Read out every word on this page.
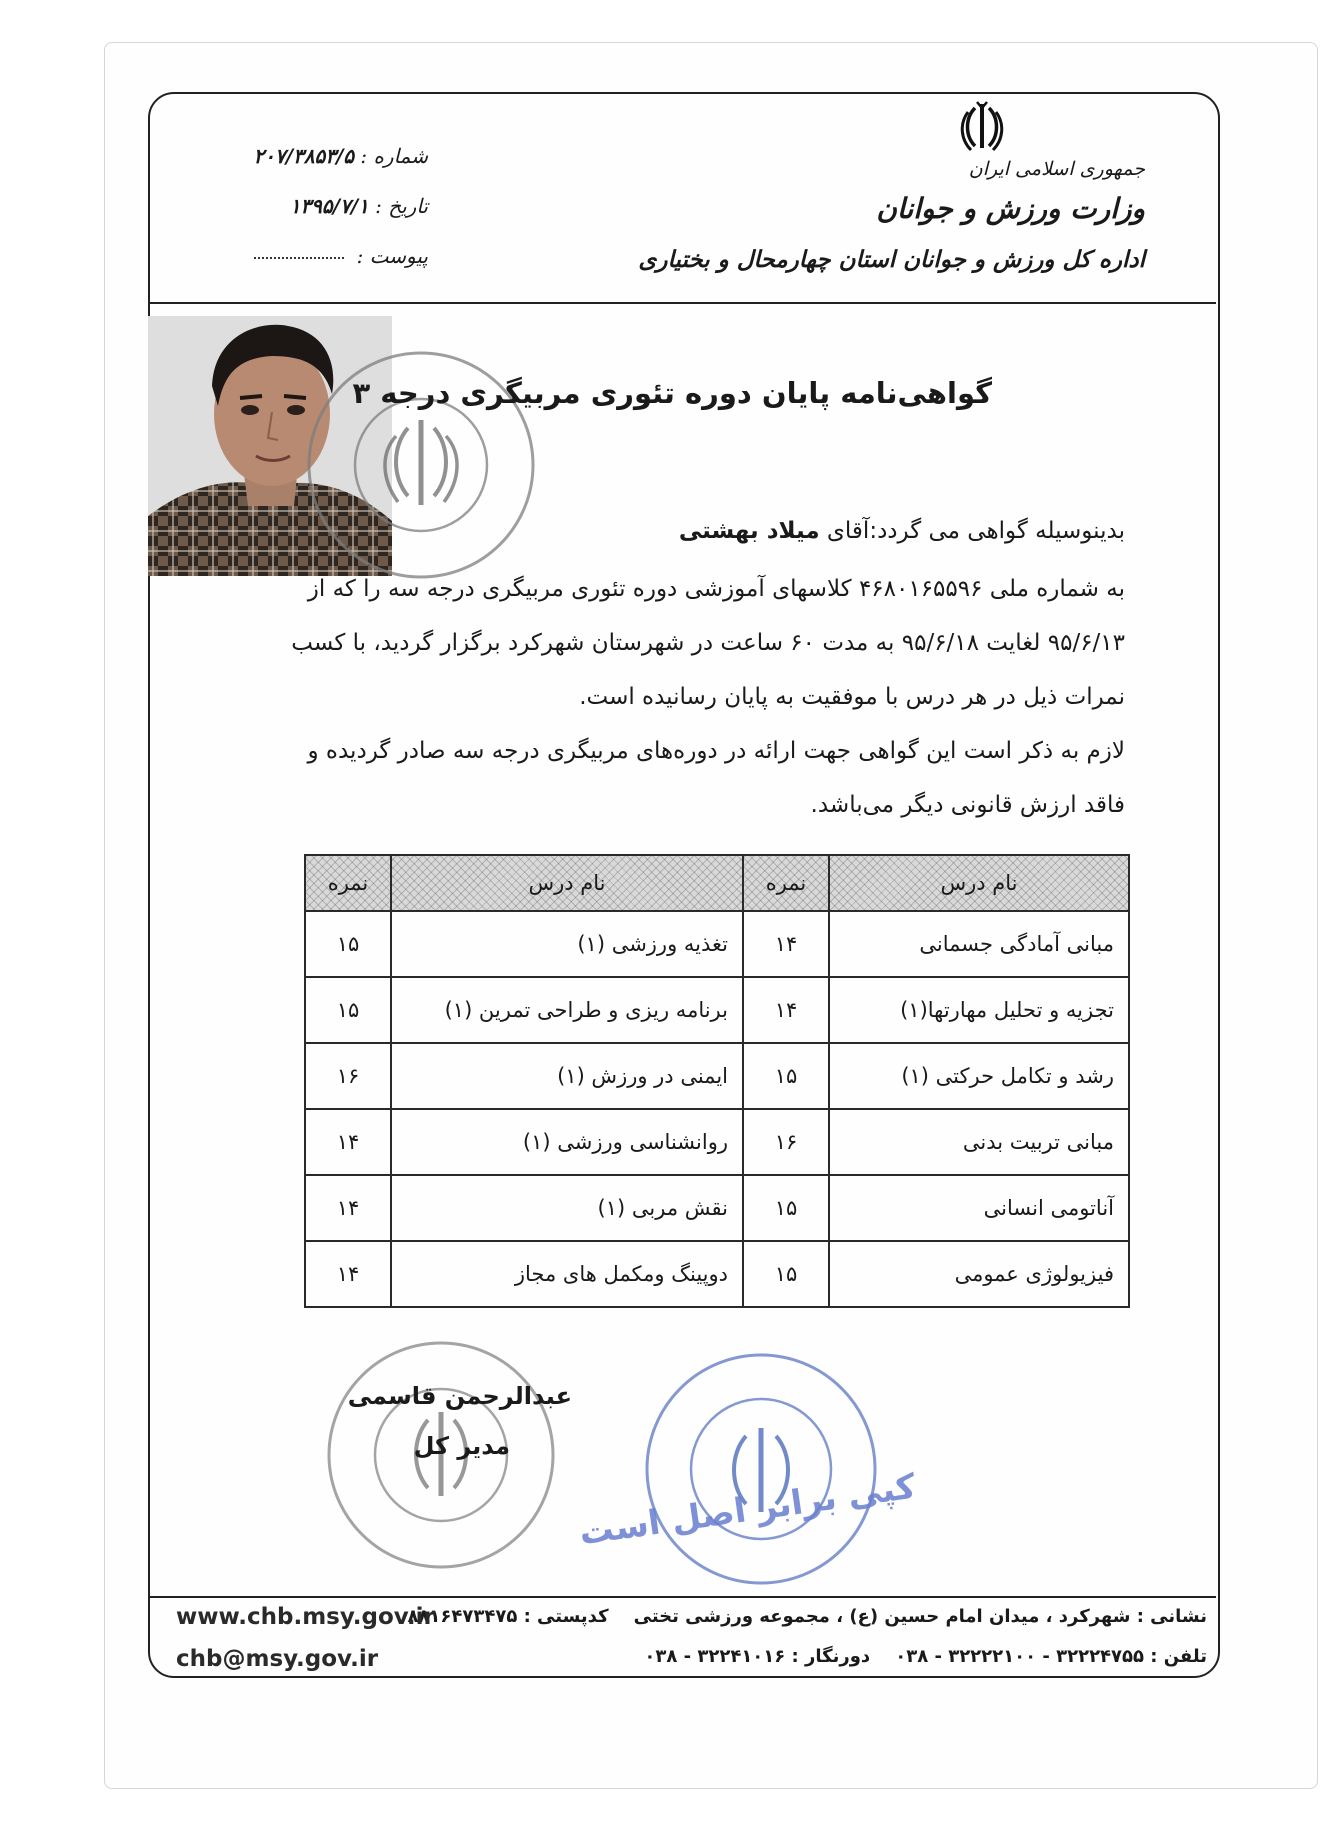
جمهوری اسلامی ایران
وزارت ورزش و جوانان
اداره کل ورزش و جوانان استان چهارمحال و بختیاری
شماره : ۲۰۷/۳۸۵۳/۵
تاریخ : ۱۳۹۵/۷/۱
پیوست :
گواهی‌نامه پایان دوره تئوری مربیگری درجه ۳
بدینوسیله گواهی می گردد:آقای میلاد بهشتی
به شماره ملی ۴۶۸۰۱۶۵۵۹۶ کلاسهای آموزشی دوره تئوری مربیگری درجه سه را که از
۹۵/۶/۱۳ لغایت ۹۵/۶/۱۸ به مدت ۶۰ ساعت در شهرستان شهرکرد برگزار گردید، با کسب
نمرات ذیل در هر درس با موفقیت به پایان رسانیده است.
لازم به ذکر است این گواهی جهت ارائه در دوره‌های مربیگری درجه سه صادر گردیده و
فاقد ارزش قانونی دیگر می‌باشد.
نام درس	نمره	نام درس	نمره
مبانی آمادگی جسمانی	۱۴	تغذیه ورزشی (۱)	۱۵
تجزیه و تحلیل مهارتها(۱)	۱۴	برنامه ریزی و طراحی تمرین (۱)	۱۵
رشد و تکامل حرکتی (۱)	۱۵	ایمنی در ورزش (۱)	۱۶
مبانی تربیت بدنی	۱۶	روانشناسی ورزشی (۱)	۱۴
آناتومی انسانی	۱۵	نقش مربی (۱)	۱۴
فیزیولوژی عمومی	۱۵	دوپینگ ومکمل های مجاز	۱۴
عبدالرحمن قاسمی
مدیر کل
کپی برابر اصل است
نشانی : شهرکرد ، میدان امام حسین (ع) ، مجموعه ورزشی تختی    کدپستی : ۸۸۱۶۴۷۳۴۷۵
تلفن : ۳۲۲۲۴۷۵۵ - ۳۲۲۲۲۱۰۰ - ۰۳۸    دورنگار : ۳۲۲۴۱۰۱۶ - ۰۳۸
www.chb.msy.gov.ir
chb@msy.gov.ir
